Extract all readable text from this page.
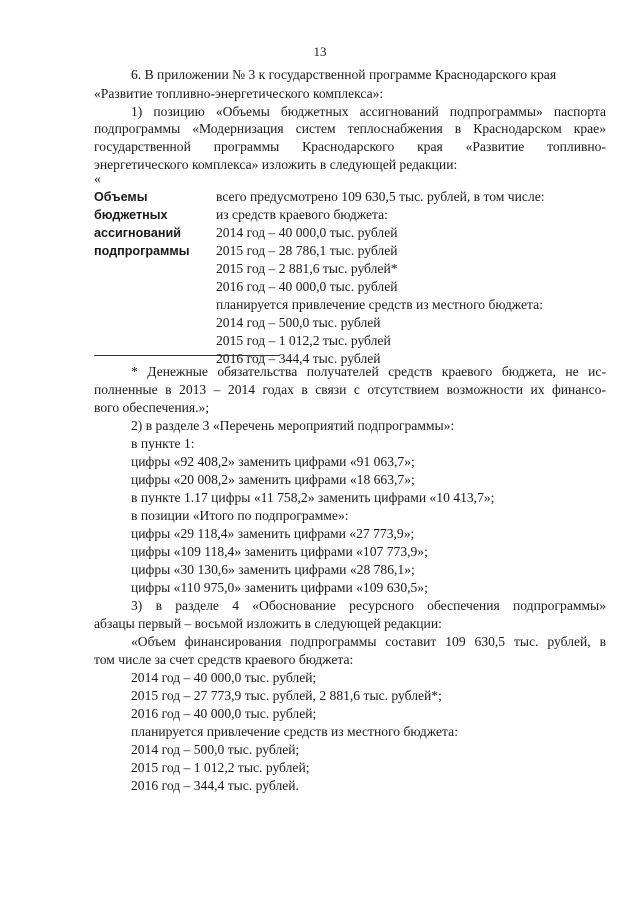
13
6. В приложении № 3 к государственной программе Краснодарского края
«Развитие топливно-энергетического комплекса»:
1) позицию «Объемы бюджетных ассигнований подпрограммы» паспорта
подпрограммы «Модернизация систем теплоснабжения в Краснодарском крае»
государственной программы Краснодарского края «Развитие топливно-
энергетического комплекса» изложить в следующей редакции:
«
Объемы
бюджетных
ассигнований
подпрограммы
всего предусмотрено 109 630,5 тыс. рублей, в том числе:
из средств краевого бюджета:
2014 год – 40 000,0 тыс. рублей
2015 год – 28 786,1 тыс. рублей
2015 год – 2 881,6 тыс. рублей*
2016 год – 40 000,0 тыс. рублей
планируется привлечение средств из местного бюджета:
2014 год – 500,0 тыс. рублей
2015 год – 1 012,2 тыс. рублей
2016 год – 344,4 тыс. рублей
* Денежные обязательства получателей средств краевого бюджета, не ис-
полненные в 2013 – 2014 годах в связи с отсутствием возможности их финансо-
вого обеспечения.»;
2) в разделе 3 «Перечень мероприятий подпрограммы»:
в пункте 1:
цифры «92 408,2» заменить цифрами «91 063,7»;
цифры «20 008,2» заменить цифрами «18 663,7»;
в пункте 1.17 цифры «11 758,2» заменить цифрами «10 413,7»;
в позиции «Итого по подпрограмме»:
цифры «29 118,4» заменить цифрами «27 773,9»;
цифры «109 118,4» заменить цифрами «107 773,9»;
цифры «30 130,6» заменить цифрами «28 786,1»;
цифры «110 975,0» заменить цифрами «109 630,5»;
3) в разделе 4 «Обоснование ресурсного обеспечения подпрограммы»
абзацы первый – восьмой изложить в следующей редакции:
«Объем финансирования подпрограммы составит 109 630,5 тыс. рублей, в
том числе за счет средств краевого бюджета:
2014 год – 40 000,0 тыс. рублей;
2015 год – 27 773,9 тыс. рублей, 2 881,6 тыс. рублей*;
2016 год – 40 000,0 тыс. рублей;
планируется привлечение средств из местного бюджета:
2014 год – 500,0 тыс. рублей;
2015 год – 1 012,2 тыс. рублей;
2016 год – 344,4 тыс. рублей.
